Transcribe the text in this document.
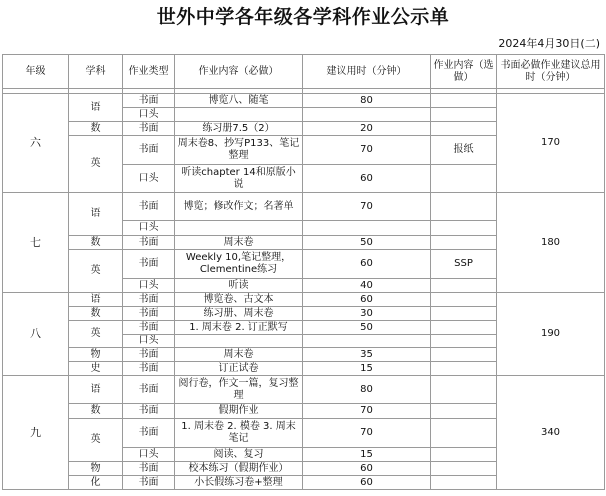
世外中学各年级各学科作业公示单
2024年4月30日(二)
年级	学科	作业类型	作业内容（必做）	建议用时（分钟）	作业内容（选做）	书面必做作业建议总用时（分钟）

六	语	书面	博览八、随笔	80		170
		口头				
	数	书面	练习册7.5（2）	20		
	英	书面	周末卷8、抄写P133、笔记整理	70	报纸	
		口头	听读chapter 14和原版小说	60		
七	语	书面	博览；修改作文；名著单	70		180
		口头				
	数	书面	周末卷	50		
	英	书面	Weekly 10,笔记整理，Clementine练习	60	SSP	
		口头	听读	40		
八	语	书面	博览卷、古文本	60		190
	数	书面	练习册、周末卷	30		
	英	书面	1. 周末卷 2. 订正默写	50		
		口头				
	物	书面	周末卷	35		
	史	书面	订正试卷	15		
九	语	书面	阅行卷，作文一篇，复习整理	80		340
	数	书面	假期作业	70		
	英	书面	1. 周末卷 2. 模卷 3. 周末笔记	70		
		口头	阅读、复习	15		
	物	书面	校本练习（假期作业）	60		
	化	书面	小长假练习卷+整理	60		
